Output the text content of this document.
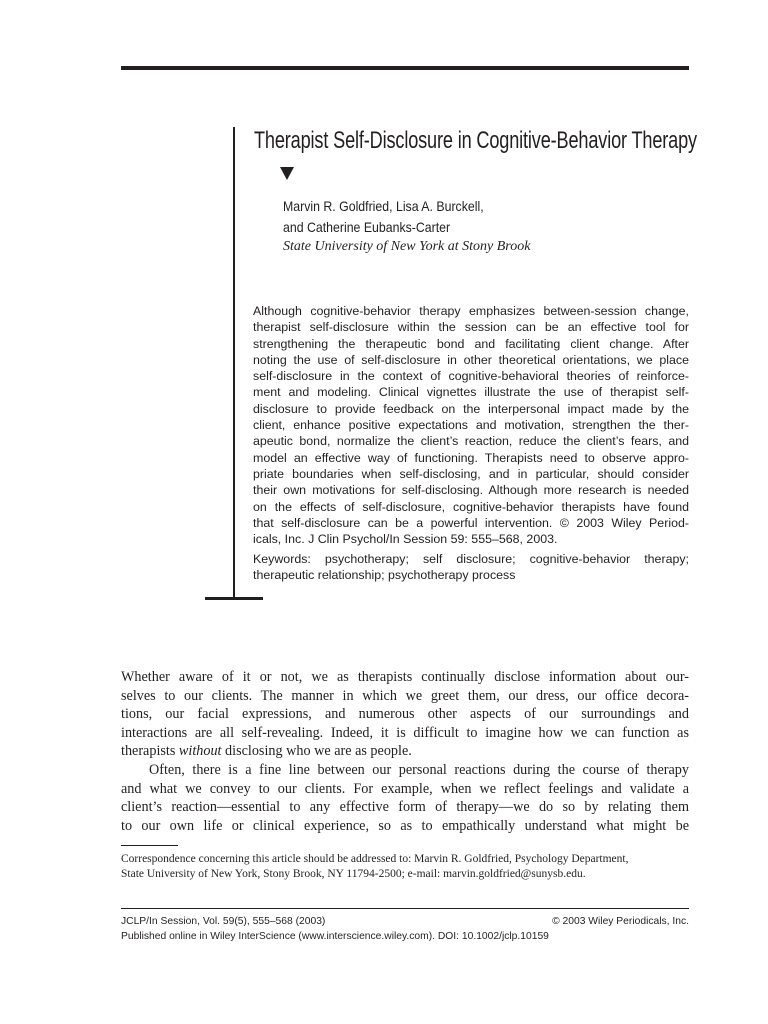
Therapist Self-Disclosure in Cognitive-Behavior Therapy
Marvin R. Goldfried, Lisa A. Burckell,
and Catherine Eubanks-Carter
State University of New York at Stony Brook
Although cognitive-behavior therapy emphasizes between-session change,
therapist self-disclosure within the session can be an effective tool for
strengthening the therapeutic bond and facilitating client change. After
noting the use of self-disclosure in other theoretical orientations, we place
self-disclosure in the context of cognitive-behavioral theories of reinforce-
ment and modeling. Clinical vignettes illustrate the use of therapist self-
disclosure to provide feedback on the interpersonal impact made by the
client, enhance positive expectations and motivation, strengthen the ther-
apeutic bond, normalize the client’s reaction, reduce the client’s fears, and
model an effective way of functioning. Therapists need to observe appro-
priate boundaries when self-disclosing, and in particular, should consider
their own motivations for self-disclosing. Although more research is needed
on the effects of self-disclosure, cognitive-behavior therapists have found
that self-disclosure can be a powerful intervention. © 2003 Wiley Period-
icals, Inc. J Clin Psychol/In Session 59: 555–568, 2003.
Keywords: psychotherapy; self disclosure; cognitive-behavior therapy;
therapeutic relationship; psychotherapy process
Whether aware of it or not, we as therapists continually disclose information about our-
selves to our clients. The manner in which we greet them, our dress, our office decora-
tions, our facial expressions, and numerous other aspects of our surroundings and
interactions are all self-revealing. Indeed, it is difficult to imagine how we can function as
therapists without disclosing who we are as people.
Often, there is a fine line between our personal reactions during the course of therapy
and what we convey to our clients. For example, when we reflect feelings and validate a
client’s reaction—essential to any effective form of therapy—we do so by relating them
to our own life or clinical experience, so as to empathically understand what might be
Correspondence concerning this article should be addressed to: Marvin R. Goldfried, Psychology Department,
State University of New York, Stony Brook, NY 11794-2500; e-mail: marvin.goldfried@sunysb.edu.
JCLP/In Session, Vol. 59(5), 555–568 (2003)	© 2003 Wiley Periodicals, Inc.
Published online in Wiley InterScience (www.interscience.wiley.com). DOI: 10.1002/jclp.10159
